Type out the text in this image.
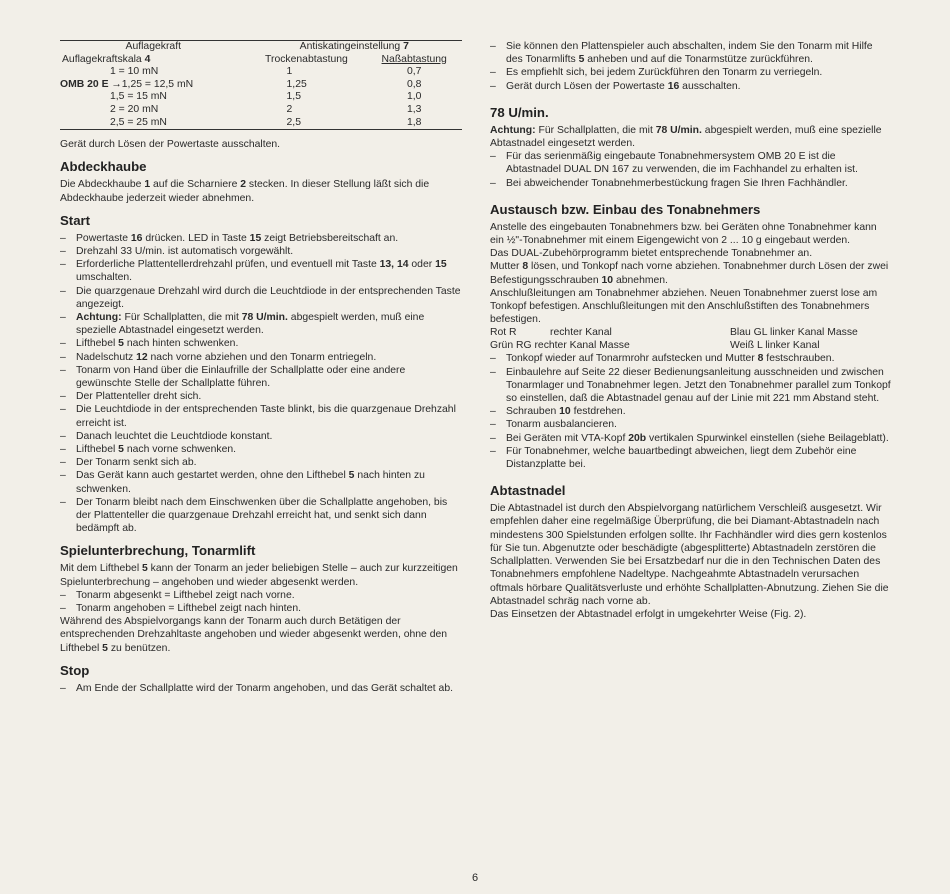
Auflagekraft	Antiskatingeinstellung 7	
Auflagekraftskala 4	Trockenabtastung	Naßabtastung
1 = 10 mN	1	0,7
OMB 20 E →1,25 = 12,5 mN	1,25	0,8
1,5 = 15 mN	1,5	1,0
2 = 20 mN	2	1,3
2,5 = 25 mN	2,5	1,8

Gerät durch Lösen der Powertaste ausschalten.

Abdeckhaube

Die Abdeckhaube 1 auf die Scharniere 2 stecken. In dieser Stellung läßt sich die Abdeckhaube jederzeit wieder abnehmen.

Start
– Powertaste 16 drücken. LED in Taste 15 zeigt Betriebsbereitschaft an.
– Drehzahl 33 U/min. ist automatisch vorgewählt.
– Erforderliche Plattentellerdrehzahl prüfen, und eventuell mit Taste 13, 14 oder 15 umschalten.
– Die quarzgenaue Drehzahl wird durch die Leuchtdiode in der entsprechenden Taste angezeigt.
– Achtung: Für Schallplatten, die mit 78 U/min. abgespielt werden, muß eine spezielle Abtastnadel eingesetzt werden.
– Lifthebel 5 nach hinten schwenken.
– Nadelschutz 12 nach vorne abziehen und den Tonarm entriegeln.
– Tonarm von Hand über die Einlaufrille der Schallplatte oder eine andere gewünschte Stelle der Schallplatte führen.
– Der Plattenteller dreht sich.
– Die Leuchtdiode in der entsprechenden Taste blinkt, bis die quarzgenaue Drehzahl erreicht ist.
– Danach leuchtet die Leuchtdiode konstant.
– Lifthebel 5 nach vorne schwenken.
– Der Tonarm senkt sich ab.
– Das Gerät kann auch gestartet werden, ohne den Lifthebel 5 nach hinten zu schwenken.
– Der Tonarm bleibt nach dem Einschwenken über die Schallplatte angehoben, bis der Plattenteller die quarzgenaue Drehzahl erreicht hat, und senkt sich dann bedämpft ab.
Spielunterbrechung, Tonarmlift

Mit dem Lifthebel 5 kann der Tonarm an jeder beliebigen Stelle – auch zur kurzzeitigen Spielunterbrechung – angehoben und wieder abgesenkt werden.

– Tonarm abgesenkt = Lifthebel zeigt nach vorne.
– Tonarm angehoben = Lifthebel zeigt nach hinten.

Während des Abspielvorgangs kann der Tonarm auch durch Betätigen der entsprechenden Drehzahltaste angehoben und wieder abgesenkt werden, ohne den Lifthebel 5 zu benützen.

Stop
– Am Ende der Schallplatte wird der Tonarm angehoben, und das Gerät schaltet ab.
– Sie können den Plattenspieler auch abschalten, indem Sie den Tonarm mit Hilfe des Tonarmlifts 5 anheben und auf die Tonarmstütze zurückführen.
– Es empfiehlt sich, bei jedem Zurückführen den Tonarm zu verriegeln.
– Gerät durch Lösen der Powertaste 16 ausschalten.
78 U/min.

Achtung: Für Schallplatten, die mit 78 U/min. abgespielt werden, muß eine spezielle Abtastnadel eingesetzt werden.

– Für das serienmäßig eingebaute Tonabnehmersystem OMB 20 E ist die Abtastnadel DUAL DN 167 zu verwenden, die im Fachhandel zu erhalten ist.
– Bei abweichender Tonabnehmerbestückung fragen Sie Ihren Fachhändler.
Austausch bzw. Einbau des Tonabnehmers

Anstelle des eingebauten Tonabnehmers bzw. bei Geräten ohne Tonabnehmer kann ein ½"-Tonabnehmer mit einem Eigengewicht von 2 ... 10 g eingebaut werden.

Das DUAL-Zubehörprogramm bietet entsprechende Tonabnehmer an.

Mutter 8 lösen, und Tonkopf nach vorne abziehen. Tonabnehmer durch Lösen der zwei Befestigungsschrauben 10 abnehmen.

Anschlußleitungen am Tonabnehmer abziehen. Neuen Tonabnehmer zuerst lose am Tonkopf befestigen. Anschlußleitungen mit den Anschlußstiften des Tonabnehmers befestigen.

Rot R	rechter Kanal	Blau GL linker Kanal Masse
Grün RG rechter Kanal Masse		Weiß L linker Kanal
– Tonkopf wieder auf Tonarmrohr aufstecken und Mutter 8 festschrauben.
– Einbaulehre auf Seite 22 dieser Bedienungsanleitung ausschneiden und zwischen Tonarmlager und Tonabnehmer legen. Jetzt den Tonabnehmer parallel zum Tonkopf so einstellen, daß die Abtastnadel genau auf der Linie mit 221 mm Abstand steht.
– Schrauben 10 festdrehen.
– Tonarm ausbalancieren.
– Bei Geräten mit VTA-Kopf 20b vertikalen Spurwinkel einstellen (siehe Beilageblatt).
– Für Tonabnehmer, welche bauartbedingt abweichen, liegt dem Zubehör eine Distanzplatte bei.
Abtastnadel

Die Abtastnadel ist durch den Abspielvorgang natürlichem Verschleiß ausgesetzt. Wir empfehlen daher eine regelmäßige Überprüfung, die bei Diamant-Abtastnadeln nach mindestens 300 Spielstunden erfolgen sollte. Ihr Fachhändler wird dies gern kostenlos für Sie tun. Abgenutzte oder beschädigte (abgesplitterte) Abtastnadeln zerstören die Schallplatten. Verwenden Sie bei Ersatzbedarf nur die in den Technischen Daten des Tonabnehmers empfohlene Nadeltype. Nachgeahmte Abtastnadeln verursachen oftmals hörbare Qualitätsverluste und erhöhte Schallplatten-Abnutzung. Ziehen Sie die Abtastnadel schräg nach vorne ab.

Das Einsetzen der Abtastnadel erfolgt in umgekehrter Weise (Fig. 2).

6
